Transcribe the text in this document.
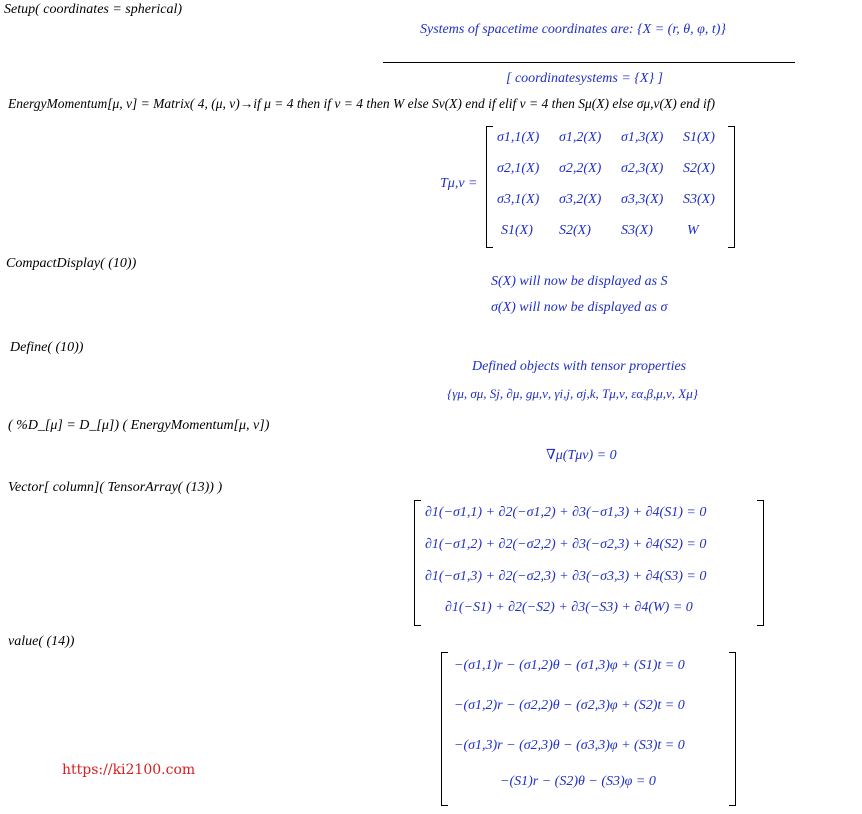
Setup( coordinates = spherical)
Systems of spacetime coordinates are: {X = (r, θ, φ, t)}
[ coordinatesystems = {X} ]
EnergyMomentum[μ, ν] = Matrix( 4, (μ, ν)→if μ = 4 then if ν = 4 then W else Sν(X) end if elif ν = 4 then Sμ(X) else σμ,ν(X) end if)
Tμ,ν =
σ1,1(X) σ1,2(X) σ1,3(X) S1(X)
σ2,1(X) σ2,2(X) σ2,3(X) S2(X)
σ3,1(X) σ3,2(X) σ3,3(X) S3(X)
S1(X) S2(X) S3(X) W
CompactDisplay( (10))
S(X) will now be displayed as S
σ(X) will now be displayed as σ
Define( (10))
Defined objects with tensor properties
{γμ, σμ, Sj, ∂μ, gμ,ν, γi,j, σj,k, Tμ,ν, εα,β,μ,ν, Xμ}
( %D_[μ] = D_[μ]) ( EnergyMomentum[μ, ν])
∇μ(Tμν) = 0
Vector[ column]( TensorArray( (13)) )
∂1(−σ1,1) + ∂2(−σ1,2) + ∂3(−σ1,3) + ∂4(S1) = 0
∂1(−σ1,2) + ∂2(−σ2,2) + ∂3(−σ2,3) + ∂4(S2) = 0
∂1(−σ1,3) + ∂2(−σ2,3) + ∂3(−σ3,3) + ∂4(S3) = 0
∂1(−S1) + ∂2(−S2) + ∂3(−S3) + ∂4(W) = 0
value( (14))
−(σ1,1)r − (σ1,2)θ − (σ1,3)φ + (S1)t = 0
−(σ1,2)r − (σ2,2)θ − (σ2,3)φ + (S2)t = 0
−(σ1,3)r − (σ2,3)θ − (σ3,3)φ + (S3)t = 0
−(S1)r − (S2)θ − (S3)φ = 0
https://ki2100.com
